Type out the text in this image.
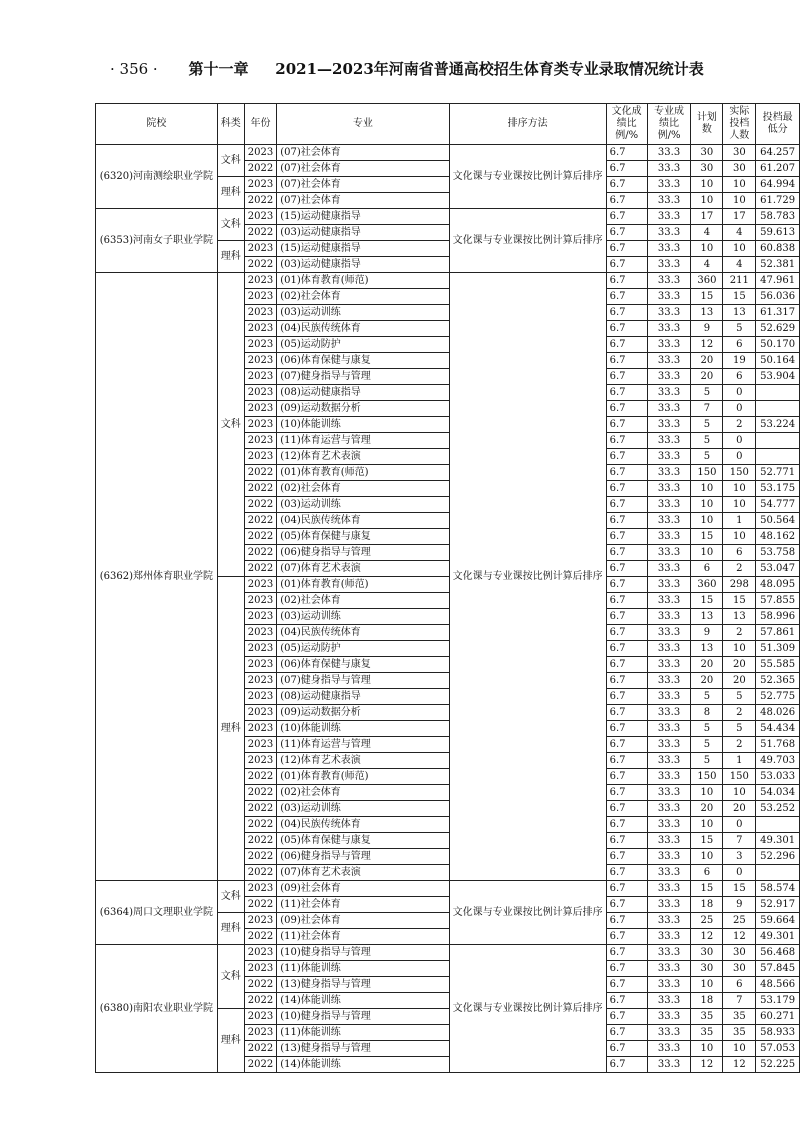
· 356 · 第十一章 2021—2023年河南省普通高校招生体育类专业录取情况统计表
院校	科类	年份	专业	排序方法	文化成绩比例/%	专业成绩比例/%	计划数	实际投档人数	投档最低分
(6320)河南测绘职业学院	文科	2023	(07)社会体育	文化课与专业课按比例计算后排序	6.7	33.3	30	30	64.257
		2022	(07)社会体育		6.7	33.3	30	30	61.207
	理科	2023	(07)社会体育		6.7	33.3	10	10	64.994
		2022	(07)社会体育		6.7	33.3	10	10	61.729
(6353)河南女子职业学院	文科	2023	(15)运动健康指导	文化课与专业课按比例计算后排序	6.7	33.3	17	17	58.783
		2022	(03)运动健康指导		6.7	33.3	4	4	59.613
	理科	2023	(15)运动健康指导		6.7	33.3	10	10	60.838
		2022	(03)运动健康指导		6.7	33.3	4	4	52.381
(6362)郑州体育职业学院	文科	2023	(01)体育教育(师范)	文化课与专业课按比例计算后排序	6.7	33.3	360	211	47.961
		2023	(02)社会体育		6.7	33.3	15	15	56.036
		2023	(03)运动训练		6.7	33.3	13	13	61.317
		2023	(04)民族传统体育		6.7	33.3	9	5	52.629
		2023	(05)运动防护		6.7	33.3	12	6	50.170
		2023	(06)体育保健与康复		6.7	33.3	20	19	50.164
		2023	(07)健身指导与管理		6.7	33.3	20	6	53.904
		2023	(08)运动健康指导		6.7	33.3	5	0	
		2023	(09)运动数据分析		6.7	33.3	7	0	
		2023	(10)体能训练		6.7	33.3	5	2	53.224
		2023	(11)体育运营与管理		6.7	33.3	5	0	
		2023	(12)体育艺术表演		6.7	33.3	5	0	
		2022	(01)体育教育(师范)		6.7	33.3	150	150	52.771
		2022	(02)社会体育		6.7	33.3	10	10	53.175
		2022	(03)运动训练		6.7	33.3	10	10	54.777
		2022	(04)民族传统体育		6.7	33.3	10	1	50.564
		2022	(05)体育保健与康复		6.7	33.3	15	10	48.162
		2022	(06)健身指导与管理		6.7	33.3	10	6	53.758
		2022	(07)体育艺术表演		6.7	33.3	6	2	53.047
	理科	2023	(01)体育教育(师范)		6.7	33.3	360	298	48.095
		2023	(02)社会体育		6.7	33.3	15	15	57.855
		2023	(03)运动训练		6.7	33.3	13	13	58.996
		2023	(04)民族传统体育		6.7	33.3	9	2	57.861
		2023	(05)运动防护		6.7	33.3	13	10	51.309
		2023	(06)体育保健与康复		6.7	33.3	20	20	55.585
		2023	(07)健身指导与管理		6.7	33.3	20	20	52.365
		2023	(08)运动健康指导		6.7	33.3	5	5	52.775
		2023	(09)运动数据分析		6.7	33.3	8	2	48.026
		2023	(10)体能训练		6.7	33.3	5	5	54.434
		2023	(11)体育运营与管理		6.7	33.3	5	2	51.768
		2023	(12)体育艺术表演		6.7	33.3	5	1	49.703
		2022	(01)体育教育(师范)		6.7	33.3	150	150	53.033
		2022	(02)社会体育		6.7	33.3	10	10	54.034
		2022	(03)运动训练		6.7	33.3	20	20	53.252
		2022	(04)民族传统体育		6.7	33.3	10	0	
		2022	(05)体育保健与康复		6.7	33.3	15	7	49.301
		2022	(06)健身指导与管理		6.7	33.3	10	3	52.296
		2022	(07)体育艺术表演		6.7	33.3	6	0	
(6364)周口文理职业学院	文科	2023	(09)社会体育	文化课与专业课按比例计算后排序	6.7	33.3	15	15	58.574
		2022	(11)社会体育		6.7	33.3	18	9	52.917
	理科	2023	(09)社会体育		6.7	33.3	25	25	59.664
		2022	(11)社会体育		6.7	33.3	12	12	49.301
(6380)南阳农业职业学院	文科	2023	(10)健身指导与管理	文化课与专业课按比例计算后排序	6.7	33.3	30	30	56.468
		2023	(11)体能训练		6.7	33.3	30	30	57.845
		2022	(13)健身指导与管理		6.7	33.3	10	6	48.566
		2022	(14)体能训练		6.7	33.3	18	7	53.179
	理科	2023	(10)健身指导与管理		6.7	33.3	35	35	60.271
		2023	(11)体能训练		6.7	33.3	35	35	58.933
		2022	(13)健身指导与管理		6.7	33.3	10	10	57.053
		2022	(14)体能训练		6.7	33.3	12	12	52.225
